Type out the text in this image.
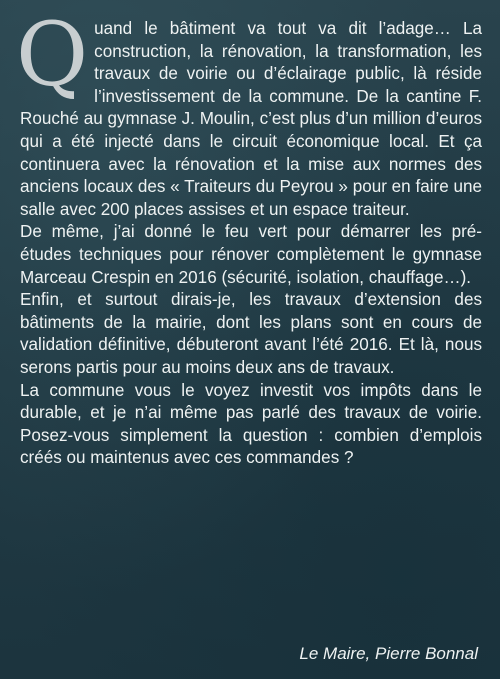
Quand le bâtiment va tout va dit l’adage… La construction, la rénovation, la transformation, les travaux de voirie ou d’éclairage public, là réside l’investissement de la commune. De la cantine F. Rouché au gymnase J. Moulin, c’est plus d’un million d’euros qui a été injecté dans le circuit économique local. Et ça continuera avec la rénovation et la mise aux normes des anciens locaux des « Traiteurs du Peyrou » pour en faire une salle avec 200 places assises et un espace traiteur.

De même, j’ai donné le feu vert pour démarrer les pré-études techniques pour rénover complètement le gymnase Marceau Crespin en 2016 (sécurité, isolation, chauffage…).

Enfin, et surtout dirais-je, les travaux d’extension des bâtiments de la mairie, dont les plans sont en cours de validation définitive, débuteront avant l’été 2016. Et là, nous serons partis pour au moins deux ans de travaux.

La commune vous le voyez investit vos impôts dans le durable, et je n’ai même pas parlé des travaux de voirie. Posez-vous simplement la question : combien d’emplois créés ou maintenus avec ces commandes ?

Le Maire, Pierre Bonnal
